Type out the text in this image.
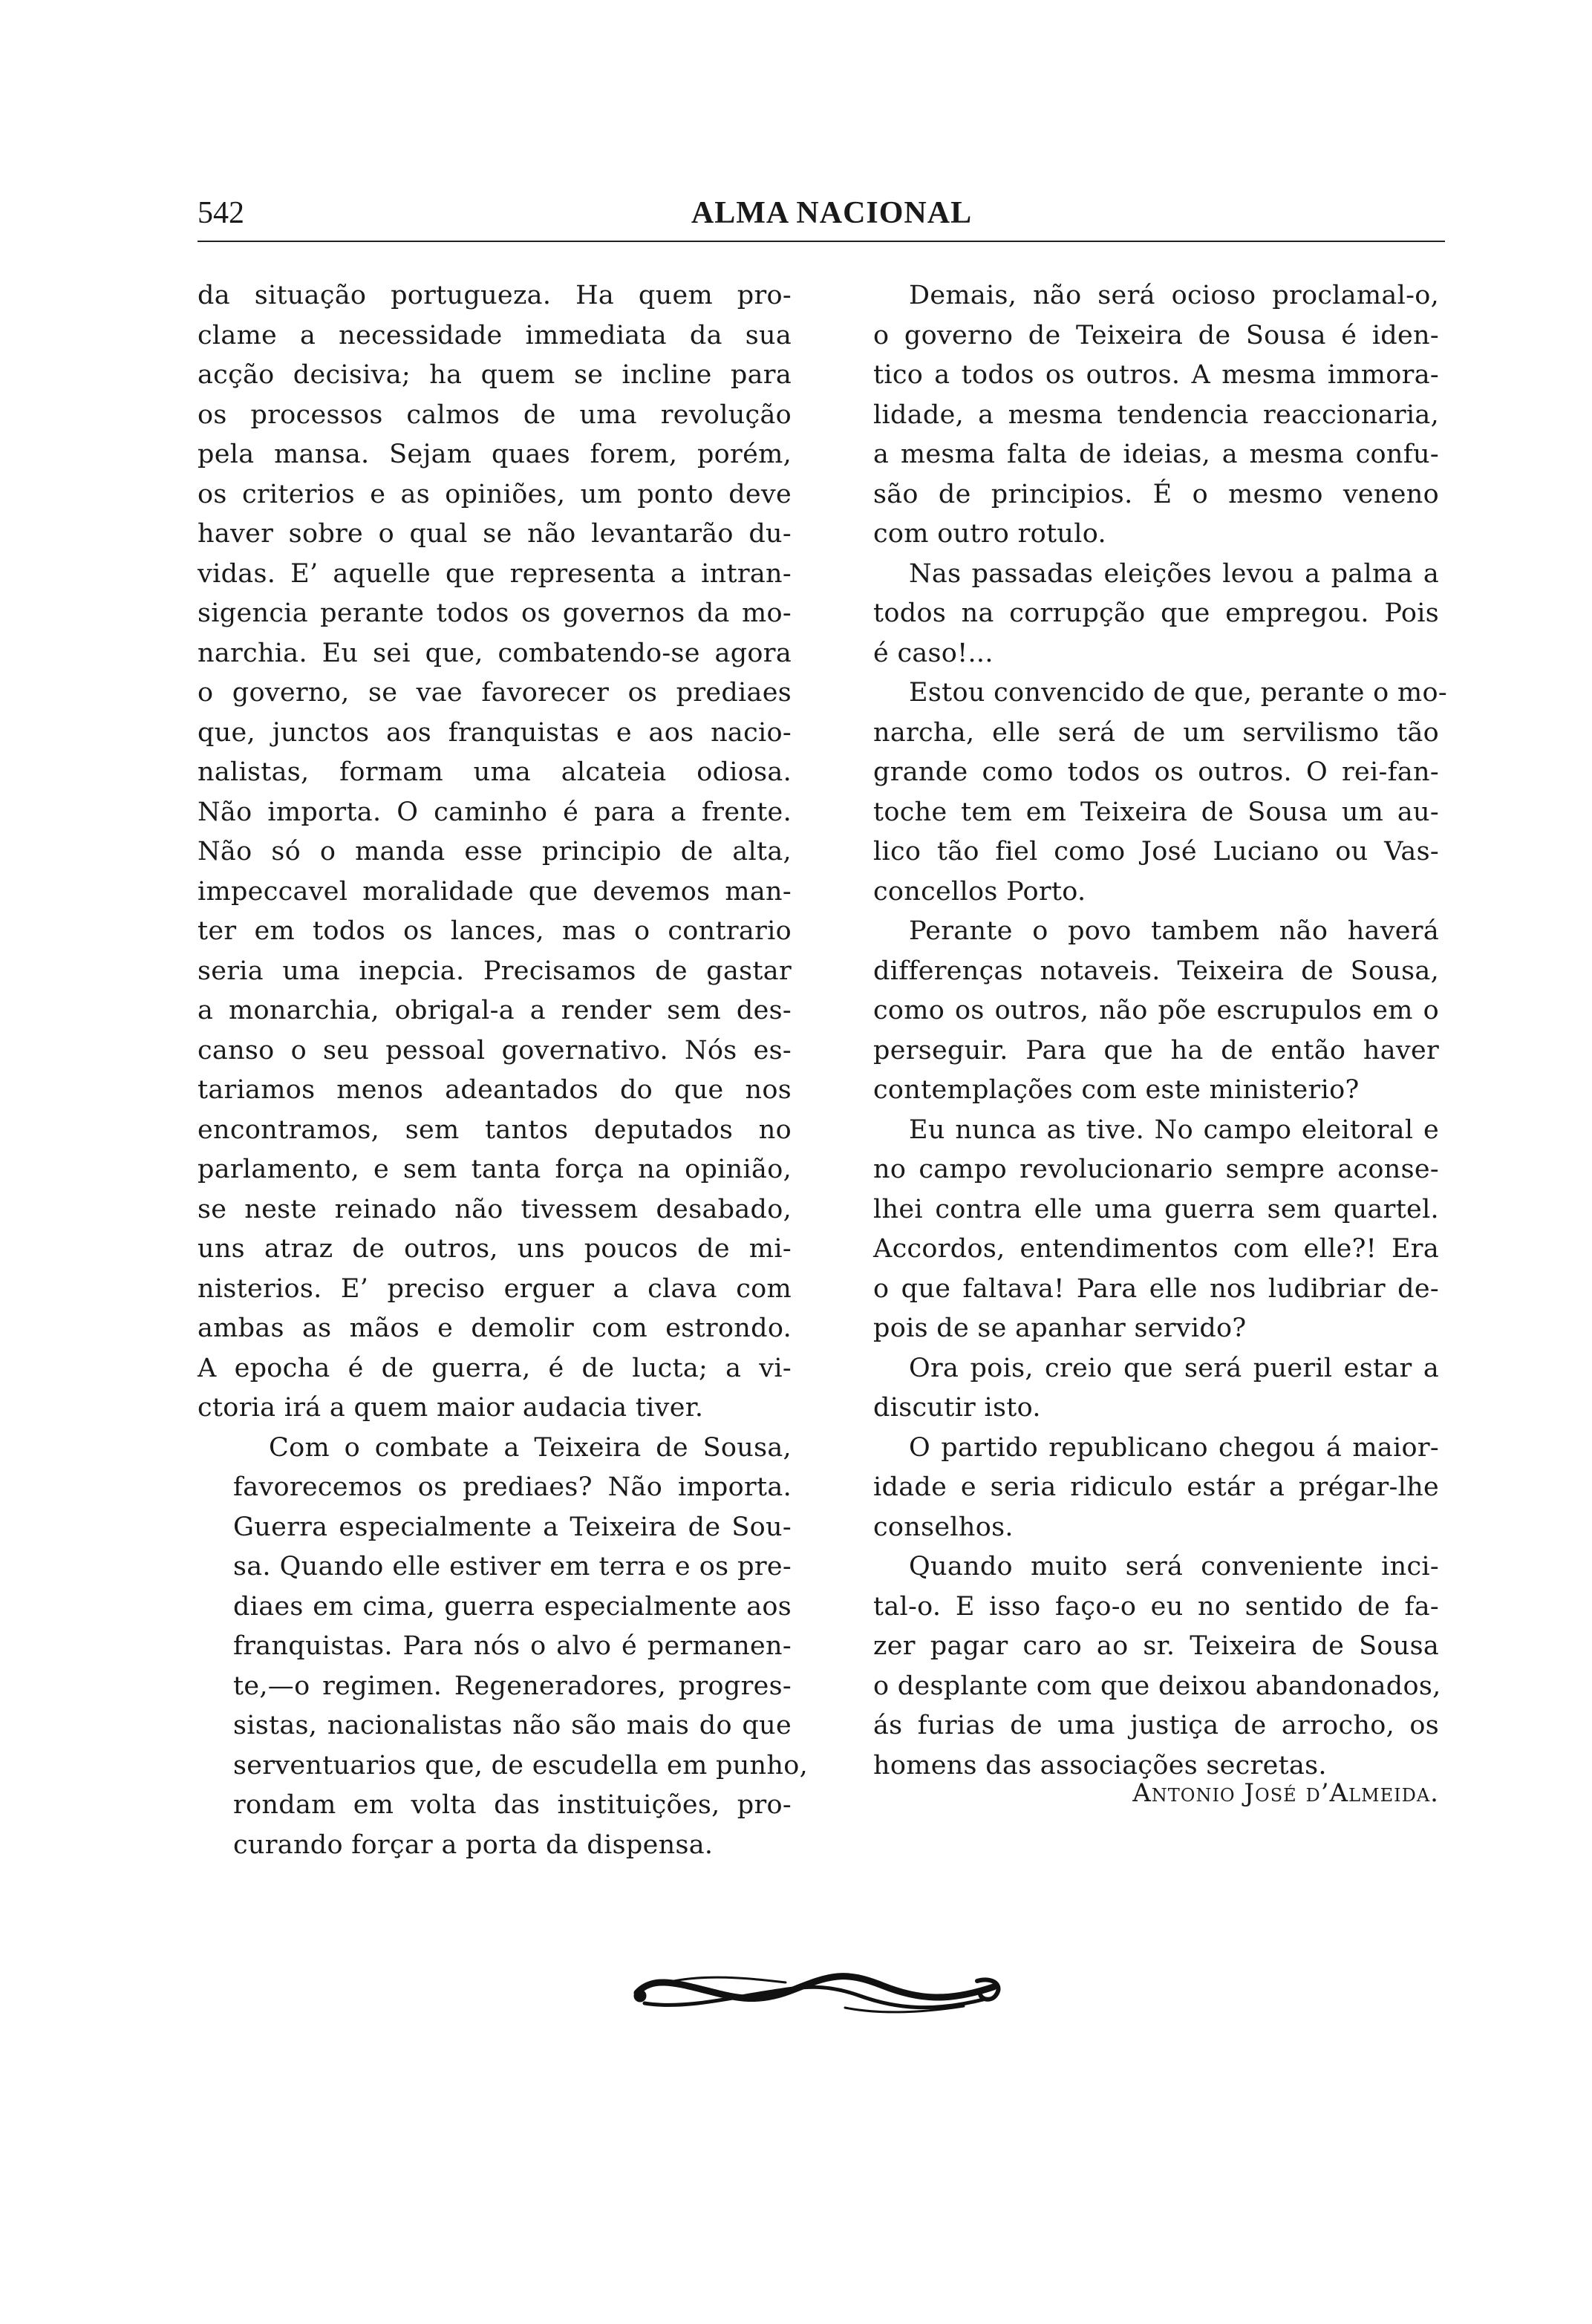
542	ALMA NACIONAL

da situação portugueza. Ha quem pro-
clame a necessidade immediata da sua
acção decisiva; ha quem se incline para
os processos calmos de uma revolução
pela mansa. Sejam quaes forem, porém,
os criterios e as opiniões, um ponto deve
haver sobre o qual se não levantarão du-
vidas. E’ aquelle que representa a intran-
sigencia perante todos os governos da mo-
narchia. Eu sei que, combatendo-se agora
o governo, se vae favorecer os prediaes
que, junctos aos franquistas e aos nacio-
nalistas, formam uma alcateia odiosa.
Não importa. O caminho é para a frente.
Não só o manda esse principio de alta,
impeccavel moralidade que devemos man-
ter em todos os lances, mas o contrario
seria uma inepcia. Precisamos de gastar
a monarchia, obrigal-a a render sem des-
canso o seu pessoal governativo. Nós es-
tariamos menos adeantados do que nos
encontramos, sem tantos deputados no
parlamento, e sem tanta força na opinião,
se neste reinado não tivessem desabado,
uns atraz de outros, uns poucos de mi-
nisterios. E’ preciso erguer a clava com
ambas as mãos e demolir com estrondo.
A epocha é de guerra, é de lucta; a vi-
ctoria irá a quem maior audacia tiver.

Com o combate a Teixeira de Sousa,
favorecemos os prediaes? Não importa.
Guerra especialmente a Teixeira de Sou-
sa. Quando elle estiver em terra e os pre-
diaes em cima, guerra especialmente aos
franquistas. Para nós o alvo é permanen-
te,—o regimen. Regeneradores, progres-
sistas, nacionalistas não são mais do que
serventuarios que, de escudella em punho,
rondam em volta das instituições, pro-
curando forçar a porta da dispensa.

Demais, não será ocioso proclamal-o,
o governo de Teixeira de Sousa é iden-
tico a todos os outros. A mesma immora-
lidade, a mesma tendencia reaccionaria,
a mesma falta de ideias, a mesma confu-
são de principios. É o mesmo veneno
com outro rotulo.

Nas passadas eleições levou a palma a
todos na corrupção que empregou. Pois
é caso!...

Estou convencido de que, perante o mo-
narcha, elle será de um servilismo tão
grande como todos os outros. O rei-fan-
toche tem em Teixeira de Sousa um au-
lico tão fiel como José Luciano ou Vas-
concellos Porto.

Perante o povo tambem não haverá
differenças notaveis. Teixeira de Sousa,
como os outros, não põe escrupulos em o
perseguir. Para que ha de então haver
contemplações com este ministerio?

Eu nunca as tive. No campo eleitoral e
no campo revolucionario sempre aconse-
lhei contra elle uma guerra sem quartel.
Accordos, entendimentos com elle?! Era
o que faltava! Para elle nos ludibriar de-
pois de se apanhar servido?

Ora pois, creio que será pueril estar a
discutir isto.

O partido republicano chegou á maior-
idade e seria ridiculo estár a prégar-lhe
conselhos.

Quando muito será conveniente inci-
tal-o. E isso faço-o eu no sentido de fa-
zer pagar caro ao sr. Teixeira de Sousa
o desplante com que deixou abandonados,
ás furias de uma justiça de arrocho, os
homens das associações secretas.

Antonio José d’Almeida.
